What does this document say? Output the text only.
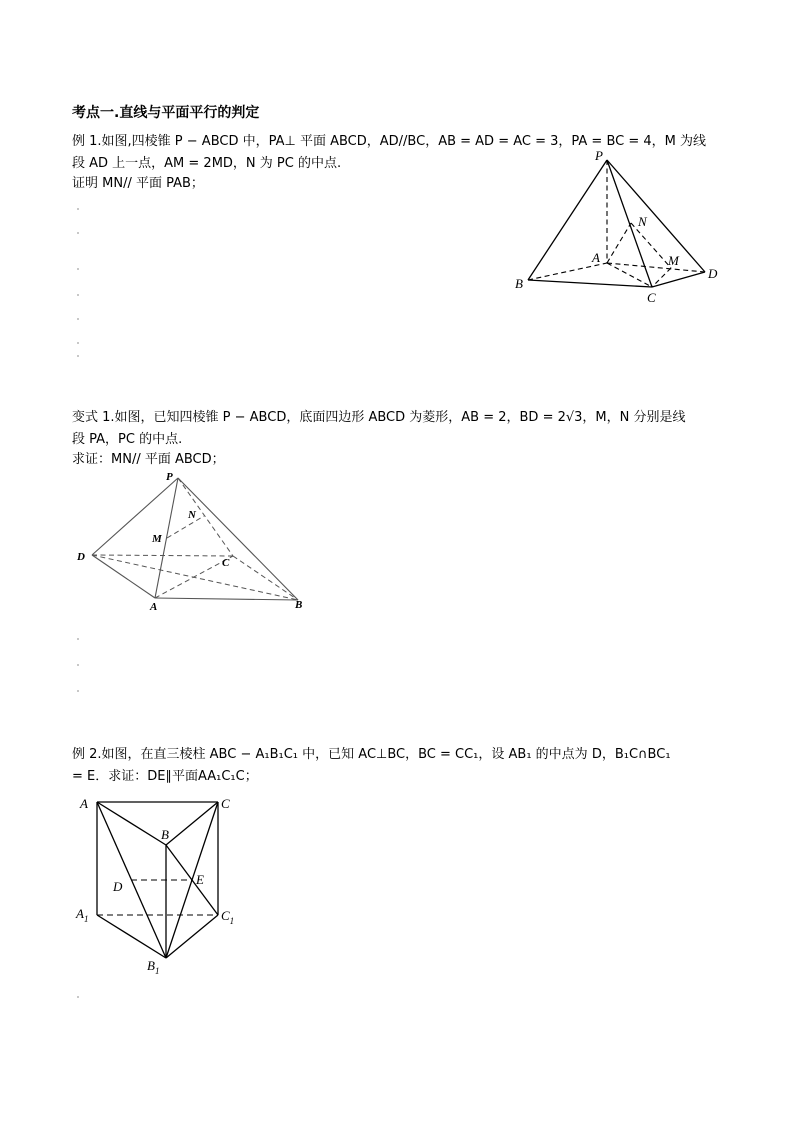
考点一.直线与平面平行的判定
例 1.如图,四棱锥 P − ABCD 中，PA⊥ 平面 ABCD，AD//BC，AB = AD = AC = 3，PA = BC = 4，M 为线
段 AD 上一点，AM = 2MD，N 为 PC 的中点.
证明 MN// 平面 PAB；
P
N
A	M
D
B
C
变式 1.如图，已知四棱锥 P − ABCD，底面四边形 ABCD 为菱形，AB = 2，BD = 2√3，M，N 分别是线
段 PA，PC 的中点.
求证：MN// 平面 ABCD；
P
N
M
D	C
A	B
例 2.如图，在直三棱柱 ABC − A₁B₁C₁ 中，已知 AC⊥BC，BC = CC₁，设 AB₁ 的中点为 D，B₁C∩BC₁
= E．求证：DE∥平面AA₁C₁C；
A	C
B
D	E
$A_1$	$C_1$
$B_1$
